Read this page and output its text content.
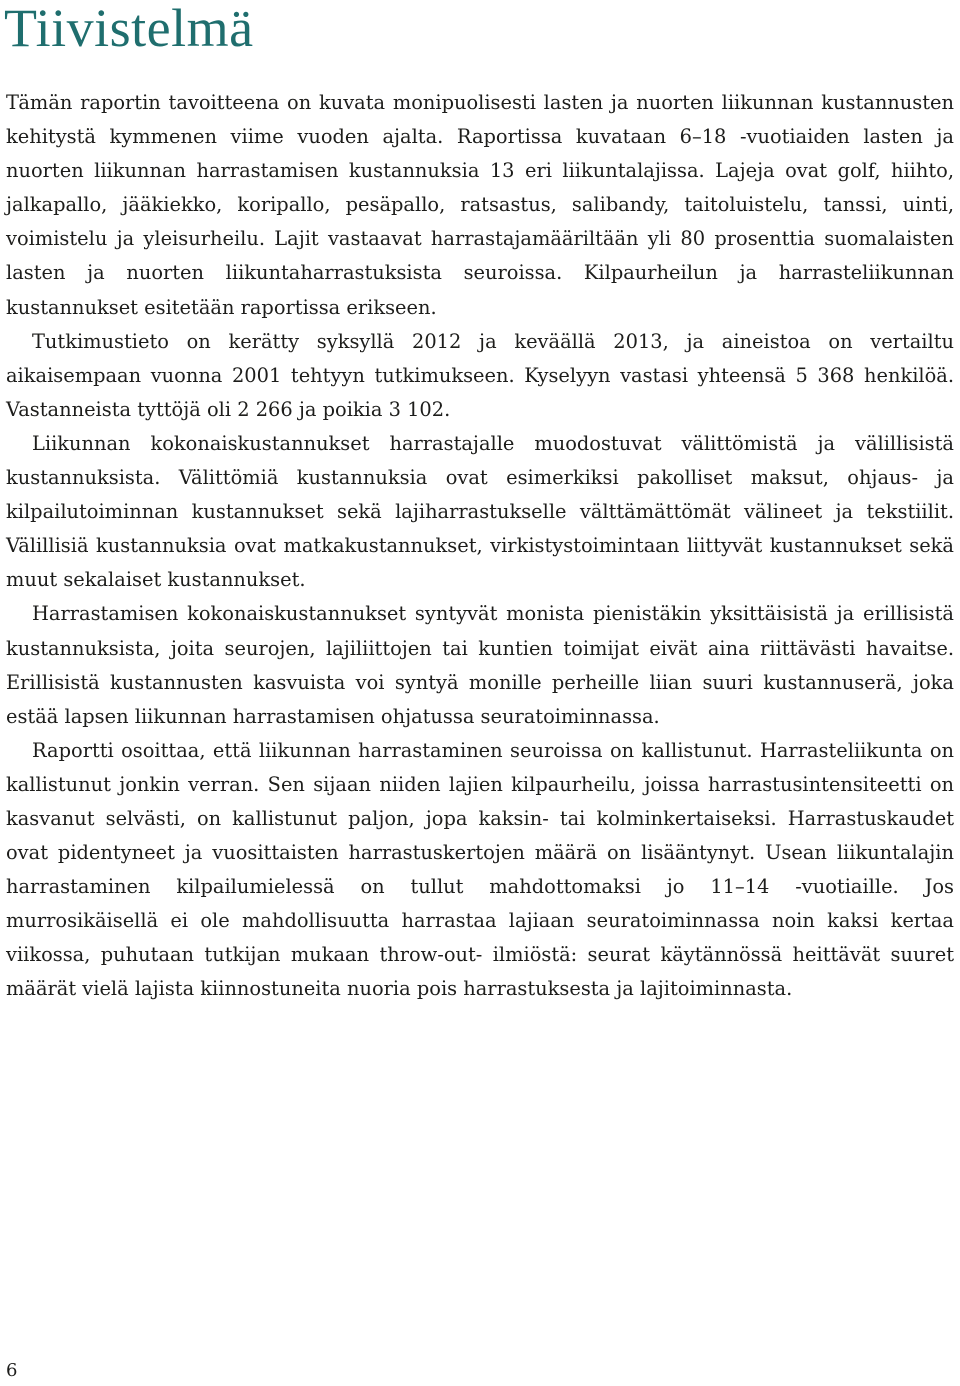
Tiivistelmä

Tämän raportin tavoitteena on kuvata monipuolisesti lasten ja nuorten liikunnan kustannusten kehitystä kymmenen viime vuoden ajalta. Raportissa kuvataan 6–18 -vuotiaiden lasten ja nuorten liikunnan harrastamisen kustannuksia 13 eri liikuntalajissa. Lajeja ovat golf, hiihto, jalkapallo, jääkiekko, koripallo, pesäpallo, ratsastus, salibandy, taitoluistelu, tanssi, uinti, voimistelu ja yleisurheilu. Lajit vastaavat harrastajamääriltään yli 80 prosenttia suomalaisten lasten ja nuorten liikuntaharrastuksista seuroissa. Kilpaurheilun ja harrasteliikunnan kustannukset esitetään raportissa erikseen.

Tutkimustieto on kerätty syksyllä 2012 ja keväällä 2013, ja aineistoa on vertailtu aikaisempaan vuonna 2001 tehtyyn tutkimukseen. Kyselyyn vastasi yhteensä 5 368 henkilöä. Vastanneista tyttöjä oli 2 266 ja poikia 3 102.

Liikunnan kokonaiskustannukset harrastajalle muodostuvat välittömistä ja välillisistä kustannuksista. Välittömiä kustannuksia ovat esimerkiksi pakolliset maksut, ohjaus- ja kilpailutoiminnan kustannukset sekä lajiharrastukselle välttämättömät välineet ja tekstiilit. Välillisiä kustannuksia ovat matkakustannukset, virkistystoimintaan liittyvät kustannukset sekä muut sekalaiset kustannukset.

Harrastamisen kokonaiskustannukset syntyvät monista pienistäkin yksittäisistä ja erillisistä kustannuksista, joita seurojen, lajiliittojen tai kuntien toimijat eivät aina riittävästi havaitse. Erillisistä kustannusten kasvuista voi syntyä monille perheille liian suuri kustannuserä, joka estää lapsen liikunnan harrastamisen ohjatussa seuratoiminnassa.

Raportti osoittaa, että liikunnan harrastaminen seuroissa on kallistunut. Harrasteliikunta on kallistunut jonkin verran. Sen sijaan niiden lajien kilpaurheilu, joissa harrastusintensiteetti on kasvanut selvästi, on kallistunut paljon, jopa kaksin- tai kolminkertaiseksi. Harrastuskaudet ovat pidentyneet ja vuosittaisten harrastuskertojen määrä on lisääntynyt. Usean liikuntalajin harrastaminen kilpailumielessä on tullut mahdottomaksi jo 11–14 -vuotiaille. Jos murrosikäisellä ei ole mahdollisuutta harrastaa lajiaan seuratoiminnassa noin kaksi kertaa viikossa, puhutaan tutkijan mukaan throw-out- ilmiöstä: seurat käytännössä heittävät suuret määrät vielä lajista kiinnostuneita nuoria pois harrastuksesta ja lajitoiminnasta.

6
